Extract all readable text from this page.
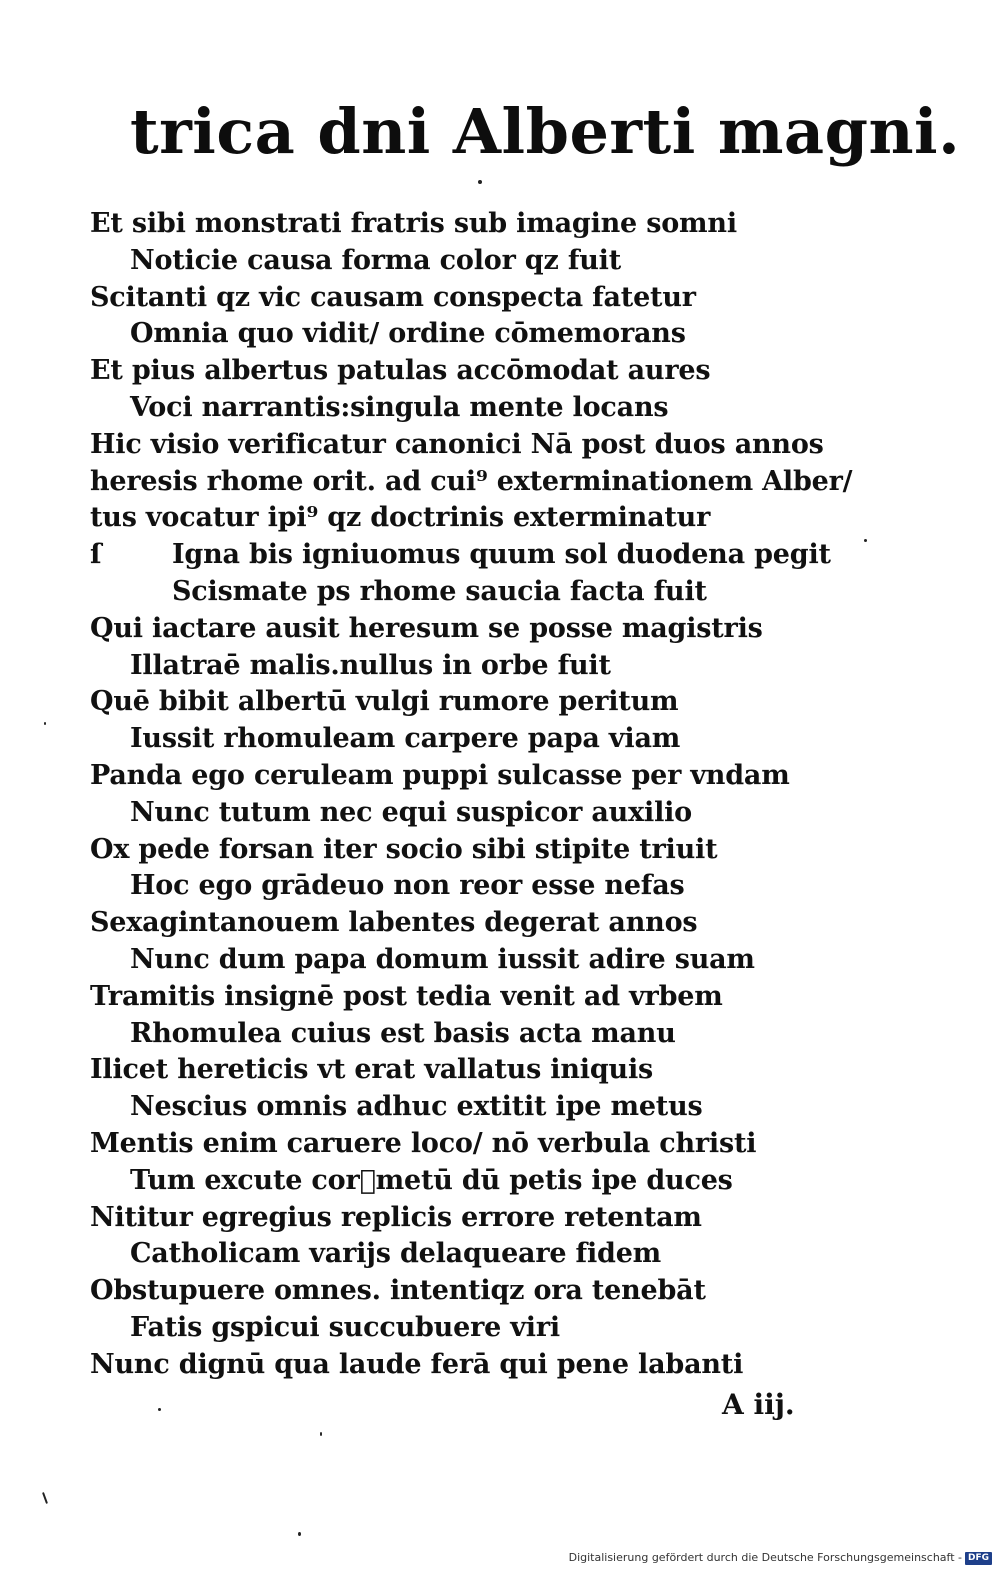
trica dni Alberti magni.
Et sibi monstrati fratris sub imagine somni
Noticie causa forma color qz fuit
Scitanti qz vic causam conspecta fatetur
Omnia quo vidit/ ordine cōmemorans
Et pius albertus patulas accōmodat aures
Voci narrantis:singula mente locans
Hic visio verificatur canonici Nā post duos annos
heresis rhome orit. ad cui⁹ exterminationem Alber/
tus vocatur ipi⁹ qz doctrinis exterminatur
ſ	Igna bis igniuomus quum sol duodena pegit
Scismate ps rhome saucia facta fuit
Qui iactare ausit heresum se posse magistris
Illatraē malis.nullus in orbe fuit
Quē bibit albertū vulgi rumore peritum
Iussit rhomuleam carpere papa viam
Panda ego ceruleam puppi sulcasse per vndam
Nunc tutum nec equi suspicor auxilio
Ox pede forsan iter socio sibi stipite triuit
Hoc ego grādeuo non reor esse nefas
Sexagintanouem labentes degerat annos
Nunc dum papa domum iussit adire suam
Tramitis insignē post tedia venit ad vrbem
Rhomulea cuius est basis acta manu
Ilicet hereticis vt erat vallatus iniquis
Nescius omnis adhuc extitit ipe metus
Mentis enim caruere loco/ nō verbula christi
Tum excute corᷓmetū dū petis ipe duces
Nititur egregius replicis errore retentam
Catholicam varijs delaqueare fidem
Obstupuere omnes. intentiqz ora tenebāt
Fatis gspicui succubuere viri
Nunc dignū qua laude ferā qui pene labanti
A iij.
Digitalisierung gefördert durch die Deutsche Forschungsgemeinschaft - DFG
